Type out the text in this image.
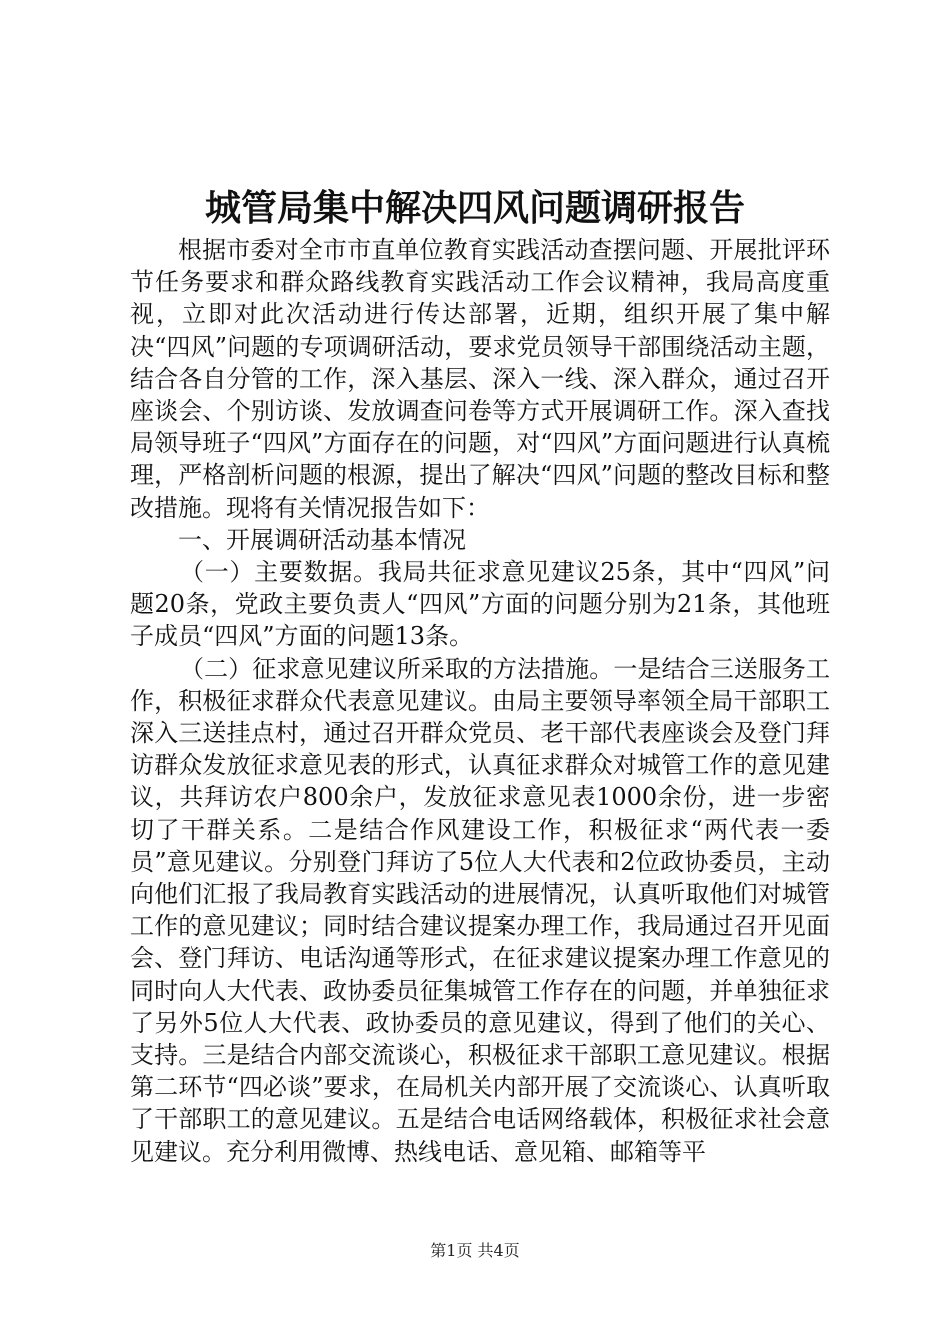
城管局集中解决四风问题调研报告

根据市委对全市市直单位教育实践活动查摆问题、开展批评环节任务要求和群众路线教育实践活动工作会议精神，我局高度重视，立即对此次活动进行传达部署，近期，组织开展了集中解决“四风”问题的专项调研活动，要求党员领导干部围绕活动主题，结合各自分管的工作，深入基层、深入一线、深入群众，通过召开座谈会、个别访谈、发放调查问卷等方式开展调研工作。深入查找局领导班子“四风”方面存在的问题，对“四风”方面问题进行认真梳理，严格剖析问题的根源，提出了解决“四风”问题的整改目标和整改措施。现将有关情况报告如下：

一、开展调研活动基本情况

（一）主要数据。我局共征求意见建议25条，其中“四风”问题20条，党政主要负责人“四风”方面的问题分别为21条，其他班子成员“四风”方面的问题13条。

（二）征求意见建议所采取的方法措施。一是结合三送服务工作，积极征求群众代表意见建议。由局主要领导率领全局干部职工深入三送挂点村，通过召开群众党员、老干部代表座谈会及登门拜访群众发放征求意见表的形式，认真征求群众对城管工作的意见建议，共拜访农户800余户，发放征求意见表1000余份，进一步密切了干群关系。二是结合作风建设工作，积极征求“两代表一委员”意见建议。分别登门拜访了5位人大代表和2位政协委员，主动向他们汇报了我局教育实践活动的进展情况，认真听取他们对城管工作的意见建议；同时结合建议提案办理工作，我局通过召开见面会、登门拜访、电话沟通等形式，在征求建议提案办理工作意见的同时向人大代表、政协委员征集城管工作存在的问题，并单独征求了另外5位人大代表、政协委员的意见建议，得到了他们的关心、支持。三是结合内部交流谈心，积极征求干部职工意见建议。根据第二环节“四必谈”要求，在局机关内部开展了交流谈心、认真听取了干部职工的意见建议。五是结合电话网络载体，积极征求社会意见建议。充分利用微博、热线电话、意见箱、邮箱等平

第1页 共4页
